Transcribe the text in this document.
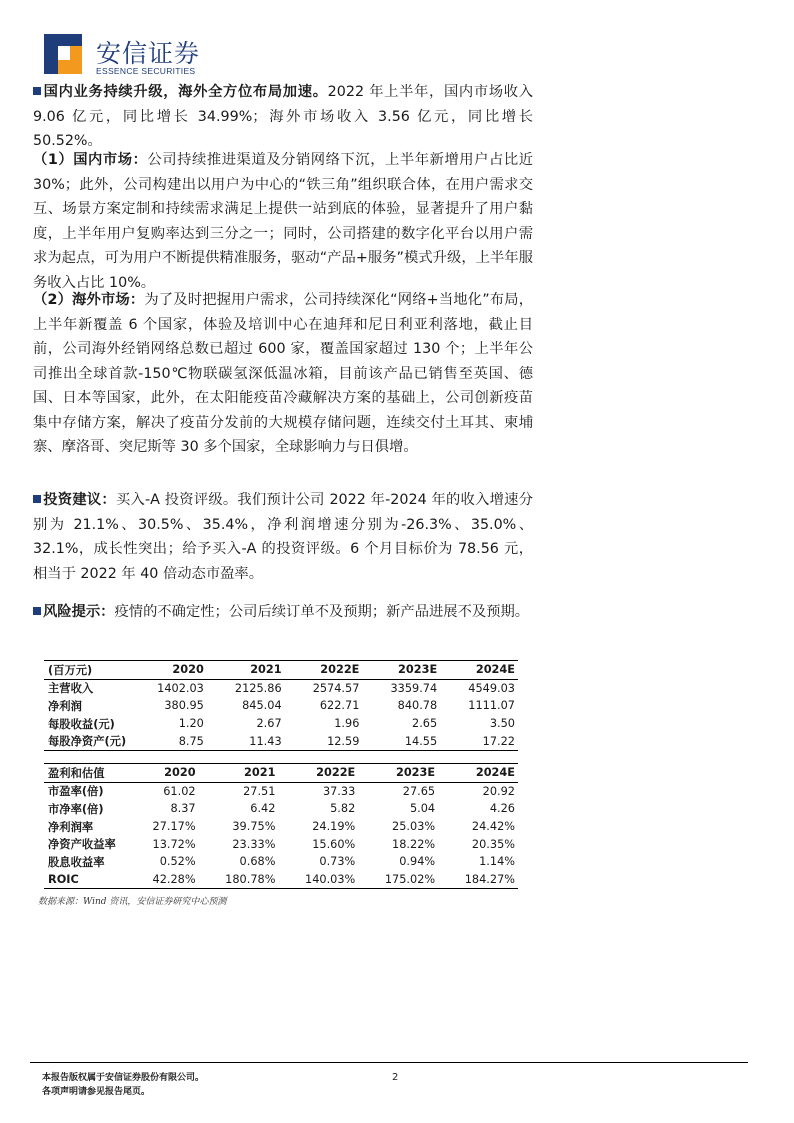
安信证券
ESSENCE SECURITIES
国内业务持续升级，海外全方位布局加速。2022 年上半年，国内市场收入 9.06 亿元，同比增长 34.99%；海外市场收入 3.56 亿元，同比增长 50.52%。
（1）国内市场：公司持续推进渠道及分销网络下沉，上半年新增用户占比近 30%；此外，公司构建出以用户为中心的“铁三角”组织联合体，在用户需求交互、场景方案定制和持续需求满足上提供一站到底的体验，显著提升了用户黏度，上半年用户复购率达到三分之一；同时，公司搭建的数字化平台以用户需求为起点，可为用户不断提供精准服务，驱动“产品+服务”模式升级，上半年服务收入占比 10%。
（2）海外市场：为了及时把握用户需求，公司持续深化“网络+当地化”布局，上半年新覆盖 6 个国家，体验及培训中心在迪拜和尼日利亚利落地，截止目前，公司海外经销网络总数已超过 600 家，覆盖国家超过 130 个；上半年公司推出全球首款-150℃物联碳氢深低温冰箱，目前该产品已销售至英国、德国、日本等国家，此外，在太阳能疫苗冷藏解决方案的基础上，公司创新疫苗集中存储方案，解决了疫苗分发前的大规模存储问题，连续交付土耳其、柬埔寨、摩洛哥、突尼斯等 30 多个国家，全球影响力与日俱增。
投资建议：买入-A 投资评级。我们预计公司 2022 年-2024 年的收入增速分别为 21.1%、30.5%、35.4%，净利润增速分别为-26.3%、35.0%、32.1%，成长性突出；给予买入-A 的投资评级。6 个月目标价为 78.56 元，相当于 2022 年 40 倍动态市盈率。
风险提示：疫情的不确定性；公司后续订单不及预期；新产品进展不及预期。
(百万元)	2020	2021	2022E	2023E	2024E
主营收入	1402.03	2125.86	2574.57	3359.74	4549.03
净利润	380.95	845.04	622.71	840.78	1111.07
每股收益(元)	1.20	2.67	1.96	2.65	3.50
每股净资产(元)	8.75	11.43	12.59	14.55	17.22
盈利和估值	2020	2021	2022E	2023E	2024E
市盈率(倍)	61.02	27.51	37.33	27.65	20.92
市净率(倍)	8.37	6.42	5.82	5.04	4.26
净利润率	27.17%	39.75%	24.19%	25.03%	24.42%
净资产收益率	13.72%	23.33%	15.60%	18.22%	20.35%
股息收益率	0.52%	0.68%	0.73%	0.94%	1.14%
ROIC	42.28%	180.78%	140.03%	175.02%	184.27%
数据来源：Wind 资讯，安信证券研究中心预测
本报告版权属于安信证券股份有限公司。
各项声明请参见报告尾页。
2
